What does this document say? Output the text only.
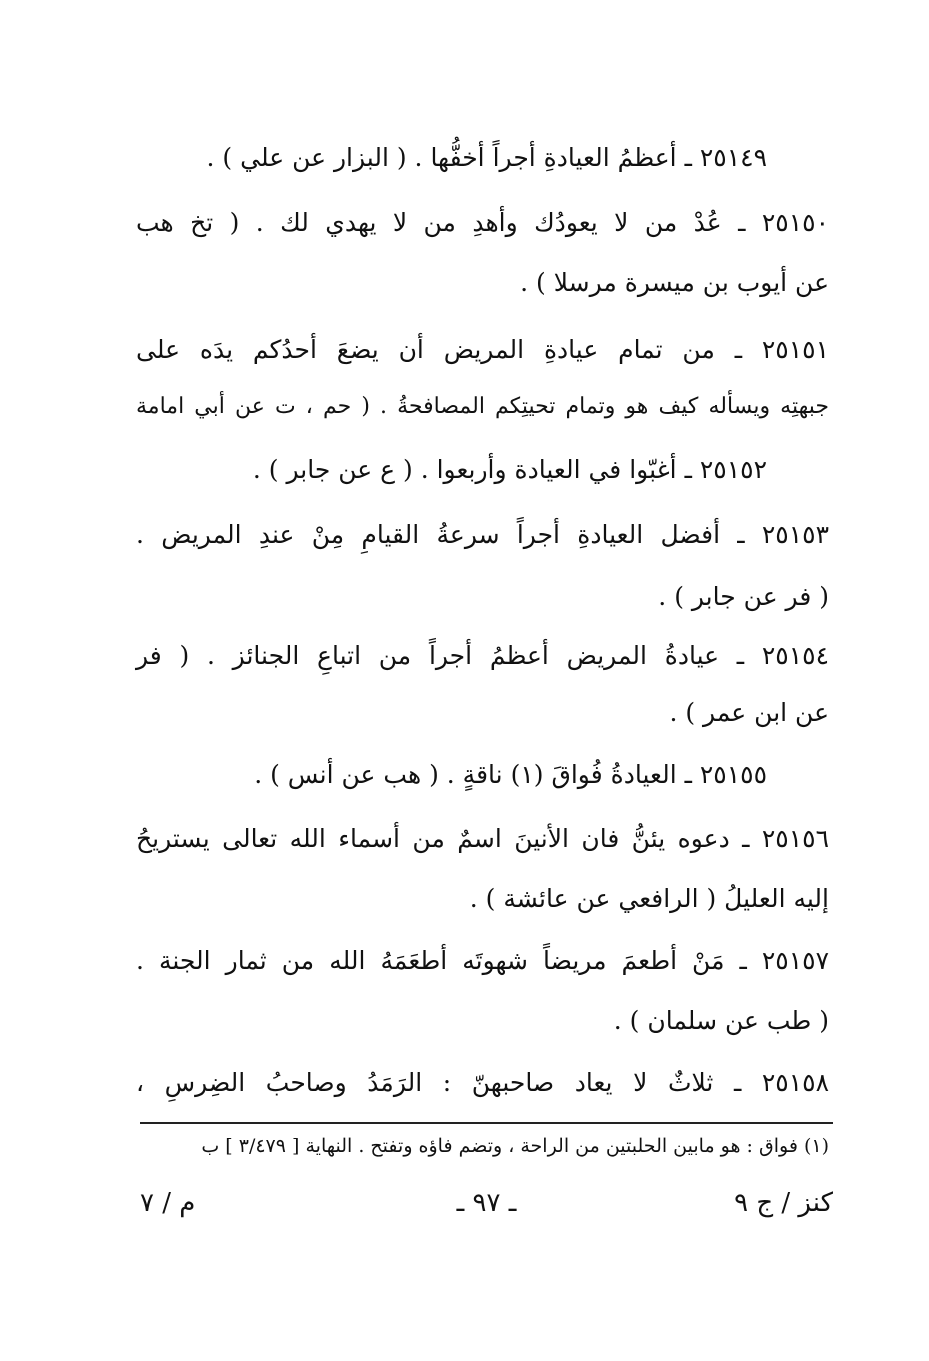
٢٥١٤٩ ـ أعظمُ العيادةِ أجراً أخفُّها . ( البزار عن علي ) .
٢٥١٥٠ ـ عُدْ من لا يعودُك وأهدِ من لا يهدي لك . ( تخ هب
عن أيوب بن ميسرة مرسلا ) .
٢٥١٥١ ـ من تمام عيادةِ المريض أن يضعَ أحدُكم يدَه على
جبهتِه ويسأله كيف هو وتمام تحيتِكم المصافحةُ . ( حم ، ت عن أبي امامة
٢٥١٥٢ ـ أغبّوا في العيادة وأربعوا . ( ع عن جابر ) .
٢٥١٥٣ ـ أفضل العيادةِ أجراً سرعةُ القيامِ مِنْ عندِ المريض .
( فر عن جابر ) .
٢٥١٥٤ ـ عيادةُ المريض أعظمُ أجراً من اتباعِ الجنائز . ( فر
عن ابن عمر ) .
٢٥١٥٥ ـ العيادةُ فُواقَ (١) ناقةٍ . ( هب عن أنس ) .
٢٥١٥٦ ـ دعوه يئنُّ فان الأنينَ اسمٌ من أسماء الله تعالى يستريحُ
إليه العليلُ ( الرافعي عن عائشة ) .
٢٥١٥٧ ـ مَنْ أطعمَ مريضاً شهوتَه أطعَمَهُ الله من ثمار الجنة .
( طب عن سلمان ) .
٢٥١٥٨ ـ ثلاثٌ لا يعاد صاحبهنّ : الرَمَدُ وصاحبُ الضِرسِ ،
(١) فواق : هو مابين الحلبتين من الراحة ، وتضم فاؤه وتفتح . النهاية [ ٣/٤٧٩ ] ب
كنز / ج ٩
ـ ٩٧ ـ
م / ٧
